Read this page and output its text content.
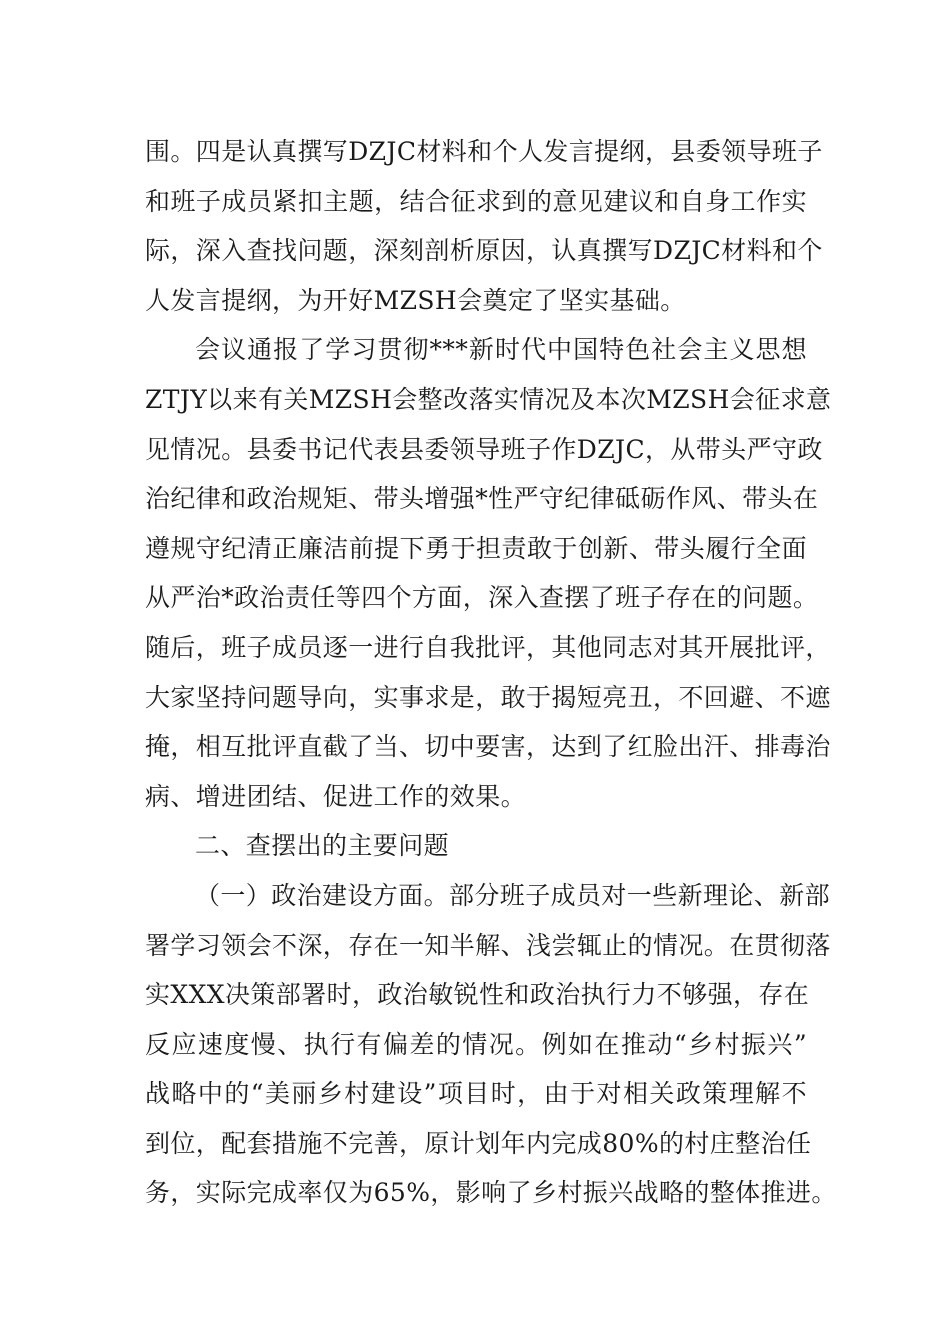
围。四是认真撰写DZJC材料和个人发言提纲，县委领导班子
和班子成员紧扣主题，结合征求到的意见建议和自身工作实
际，深入查找问题，深刻剖析原因，认真撰写DZJC材料和个
人发言提纲，为开好MZSH会奠定了坚实基础。
会议通报了学习贯彻***新时代中国特色社会主义思想
ZTJY以来有关MZSH会整改落实情况及本次MZSH会征求意
见情况。县委书记代表县委领导班子作DZJC，从带头严守政
治纪律和政治规矩、带头增强*性严守纪律砥砺作风、带头在
遵规守纪清正廉洁前提下勇于担责敢于创新、带头履行全面
从严治*政治责任等四个方面，深入查摆了班子存在的问题。
随后，班子成员逐一进行自我批评，其他同志对其开展批评，
大家坚持问题导向，实事求是，敢于揭短亮丑，不回避、不遮
掩，相互批评直截了当、切中要害，达到了红脸出汗、排毒治
病、增进团结、促进工作的效果。
二、查摆出的主要问题
（一）政治建设方面。部分班子成员对一些新理论、新部
署学习领会不深，存在一知半解、浅尝辄止的情况。在贯彻落
实XXX决策部署时，政治敏锐性和政治执行力不够强，存在
反应速度慢、执行有偏差的情况。例如在推动“乡村振兴”
战略中的“美丽乡村建设”项目时，由于对相关政策理解不
到位，配套措施不完善，原计划年内完成80%的村庄整治任
务，实际完成率仅为65%，影响了乡村振兴战略的整体推进。
